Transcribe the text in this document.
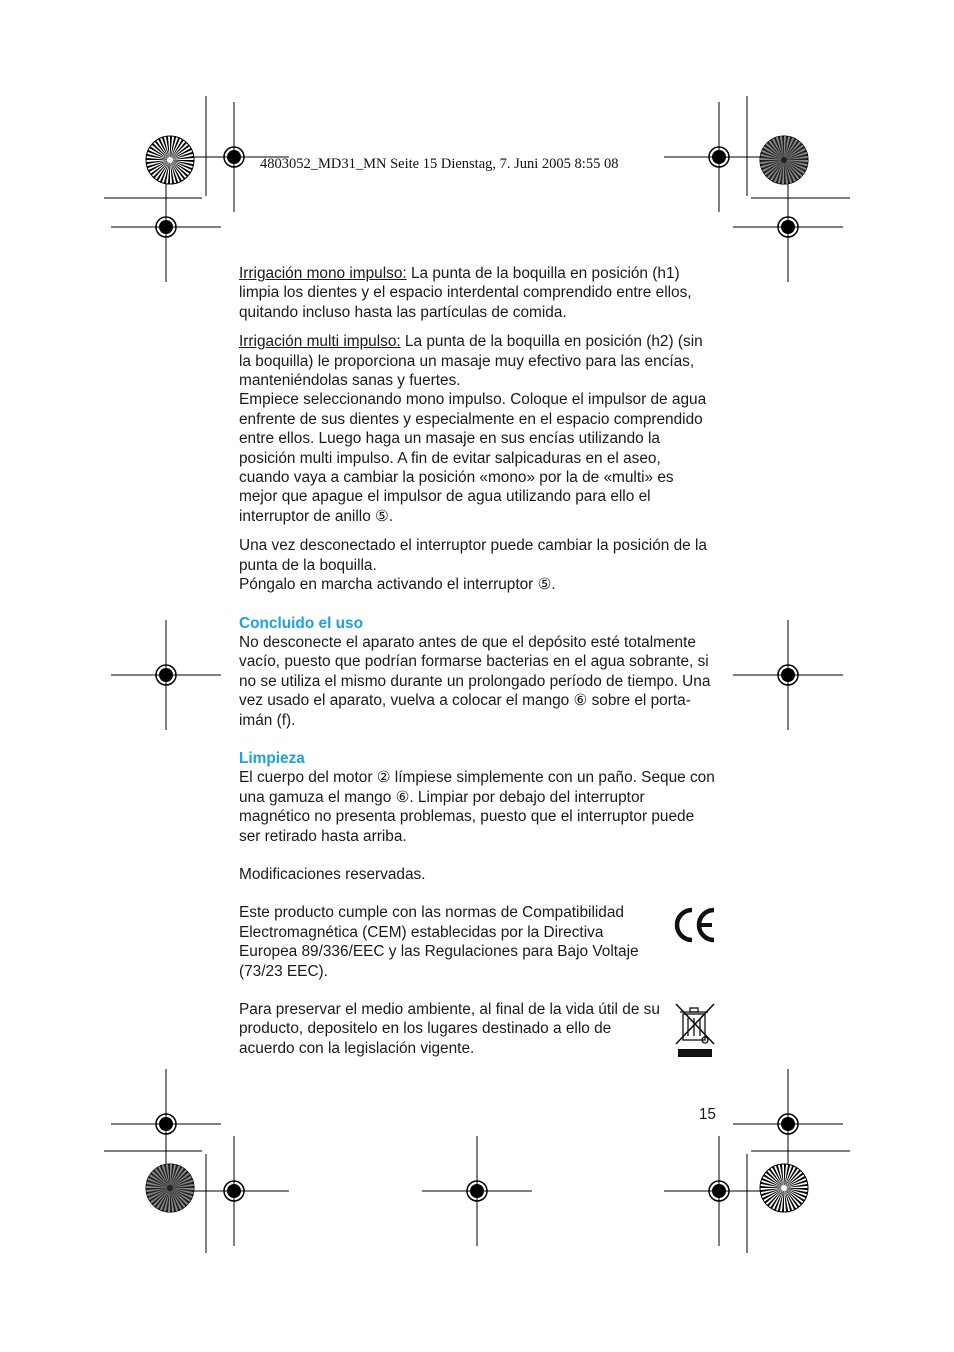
4803052_MD31_MN Seite 15 Dienstag, 7. Juni 2005 8:55 08

Irrigación mono impulso: La punta de la boquilla en posición (h1) limpia los dientes y el espacio interdental comprendido entre ellos, quitando incluso hasta las partículas de comida.

Irrigación multi impulso: La punta de la boquilla en posición (h2) (sin la boquilla) le proporciona un masaje muy efectivo para las encías, manteniéndolas sanas y fuertes.

Empiece seleccionando mono impulso. Coloque el impulsor de agua enfrente de sus dientes y especialmente en el espacio comprendido entre ellos. Luego haga un masaje en sus encías utilizando la posición multi impulso. A fin de evitar salpicaduras en el aseo, cuando vaya a cambiar la posición «mono» por la de «multi» es mejor que apague el impulsor de agua utilizando para ello el interruptor de anillo ⑤.

Una vez desconectado el interruptor puede cambiar la posición de la punta de la boquilla.

Póngalo en marcha activando el interruptor ⑤.

Concluido el uso

No desconecte el aparato antes de que el depósito esté totalmente vacío, puesto que podrían formarse bacterias en el agua sobrante, si no se utiliza el mismo durante un prolongado período de tiempo. Una vez usado el aparato, vuelva a colocar el mango ⑥ sobre el porta-imán (f).

Limpieza

El cuerpo del motor ② límpiese simplemente con un paño. Seque con una gamuza el mango ⑥. Limpiar por debajo del interruptor magnético no presenta problemas, puesto que el interruptor puede ser retirado hasta arriba.

Modificaciones reservadas.

Este producto cumple con las normas de Compatibilidad Electromagnética (CEM) establecidas por la Directiva Europea 89/336/EEC y las Regulaciones para Bajo Voltaje (73/23 EEC).

Para preservar el medio ambiente, al final de la vida útil de su producto, depositelo en los lugares destinado a ello de acuerdo con la legislación vigente.

15
